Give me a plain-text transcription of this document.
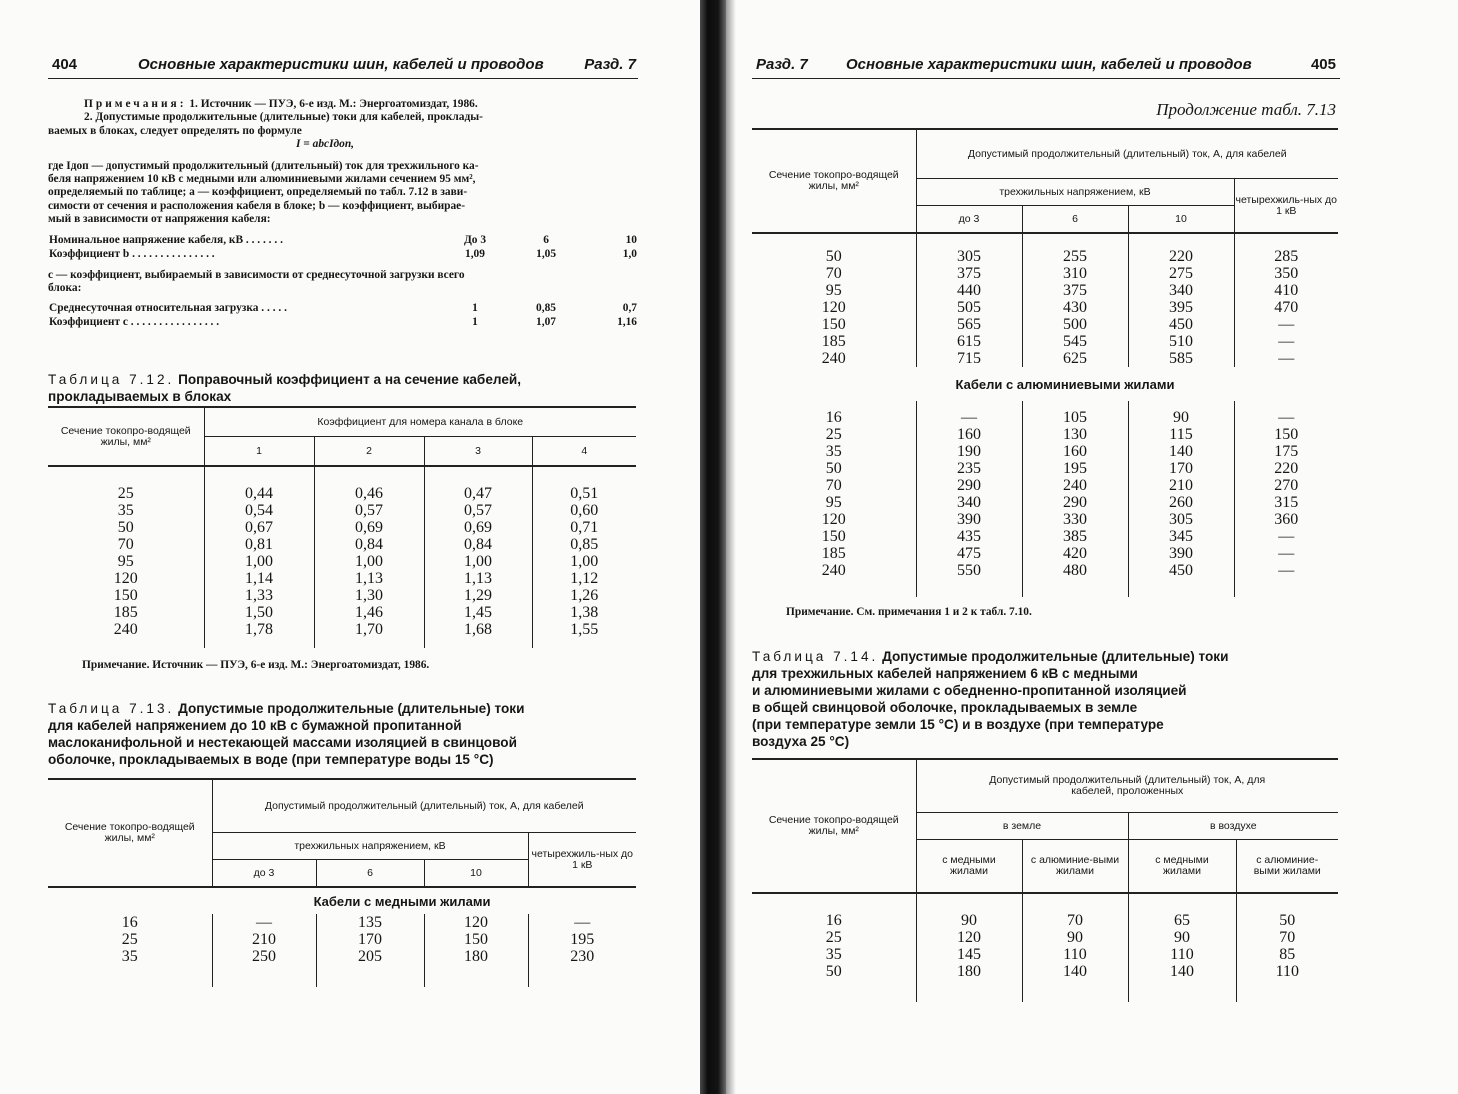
404	Основные характеристики шин, кабелей и проводов	Разд. 7
Примечания: 1. Источник — ПУЭ, 6-е изд. М.: Энергоатомиздат, 1986.
2. Допустимые продолжительные (длительные) токи для кабелей, проклады-
ваемых в блоках, следует определять по формуле
I = abcIдоп,
где Iдоп — допустимый продолжительный (длительный) ток для трехжильного ка-
беля напряжением 10 кВ с медными или алюминиевыми жилами сечением 95 мм²,
определяемый по таблице; a — коэффициент, определяемый по табл. 7.12 в зави-
симости от сечения и расположения кабеля в блоке; b — коэффициент, выбирае-
мый в зависимости от напряжения кабеля:
Номинальное напряжение кабеля, кВ . . . . . . .	До 3	6	10
Коэффициент b . . . . . . . . . . . . . . .	1,09	1,05	1,0
c — коэффициент, выбираемый в зависимости от среднесуточной загрузки всего
блока:
Среднесуточная относительная загрузка . . . . .	1	0,85	0,7
Коэффициент c . . . . . . . . . . . . . . . .	1	1,07	1,16
Таблица 7.12. Поправочный коэффициент a на сечение кабелей,
прокладываемых в блоках
Сечение токопро-водящей жилы, мм²	Коэффициент для номера канала в блоке			
	1	2	3	4

25	0,44	0,46	0,47	0,51
35	0,54	0,57	0,57	0,60
50	0,67	0,69	0,69	0,71
70	0,81	0,84	0,84	0,85
95	1,00	1,00	1,00	1,00
120	1,14	1,13	1,13	1,12
150	1,33	1,30	1,29	1,26
185	1,50	1,46	1,45	1,38
240	1,78	1,70	1,68	1,55

Примечание. Источник — ПУЭ, 6-е изд. М.: Энергоатомиздат, 1986.
Таблица 7.13. Допустимые продолжительные (длительные) токи
для кабелей напряжением до 10 кВ с бумажной пропитанной
маслоканифольной и нестекающей массами изоляцией в свинцовой
оболочке, прокладываемых в воде (при температуре воды 15 °С)
Сечение токопро-водящей жилы, мм²	Допустимый продолжительный (длительный) ток, А, для кабелей			
	трехжильных напряжением, кВ			четырехжиль-ных до 1 кВ
	до 3	6	10	
Кабели с медными жилами				
16	—	135	120	—
25	210	170	150	195
35	250	205	180	230

Разд. 7	Основные характеристики шин, кабелей и проводов	405
Продолжение табл. 7.13
Сечение токопро-водящей жилы, мм²	Допустимый продолжительный (длительный) ток, А, для кабелей			
	трехжильных напряжением, кВ			четырехжиль-ных до 1 кВ
	до 3	6	10	

50	305	255	220	285
70	375	310	275	350
95	440	375	340	410
120	505	430	395	470
150	565	500	450	—
185	615	545	510	—
240	715	625	585	—
Кабели с алюминиевыми жилами				

16	—	105	90	—
25	160	130	115	150
35	190	160	140	175
50	235	195	170	220
70	290	240	210	270
95	340	290	260	315
120	390	330	305	360
150	435	385	345	—
185	475	420	390	—
240	550	480	450	—

Примечание. См. примечания 1 и 2 к табл. 7.10.
Таблица 7.14. Допустимые продолжительные (длительные) токи
для трехжильных кабелей напряжением 6 кВ с медными
и алюминиевыми жилами с обедненно-пропитанной изоляцией
в общей свинцовой оболочке, прокладываемых в земле
(при температуре земли 15 °С) и в воздухе (при температуре
воздуха 25 °С)
Сечение токопро-водящей жилы, мм²	Допустимый продолжительный (длительный) ток, А, для кабелей, проложенных			
	в земле		в воздухе	
	с медными жилами	с алюминие-выми жилами	с медными жилами	с алюминие-выми жилами

16	90	70	65	50
25	120	90	90	70
35	145	110	110	85
50	180	140	140	110
